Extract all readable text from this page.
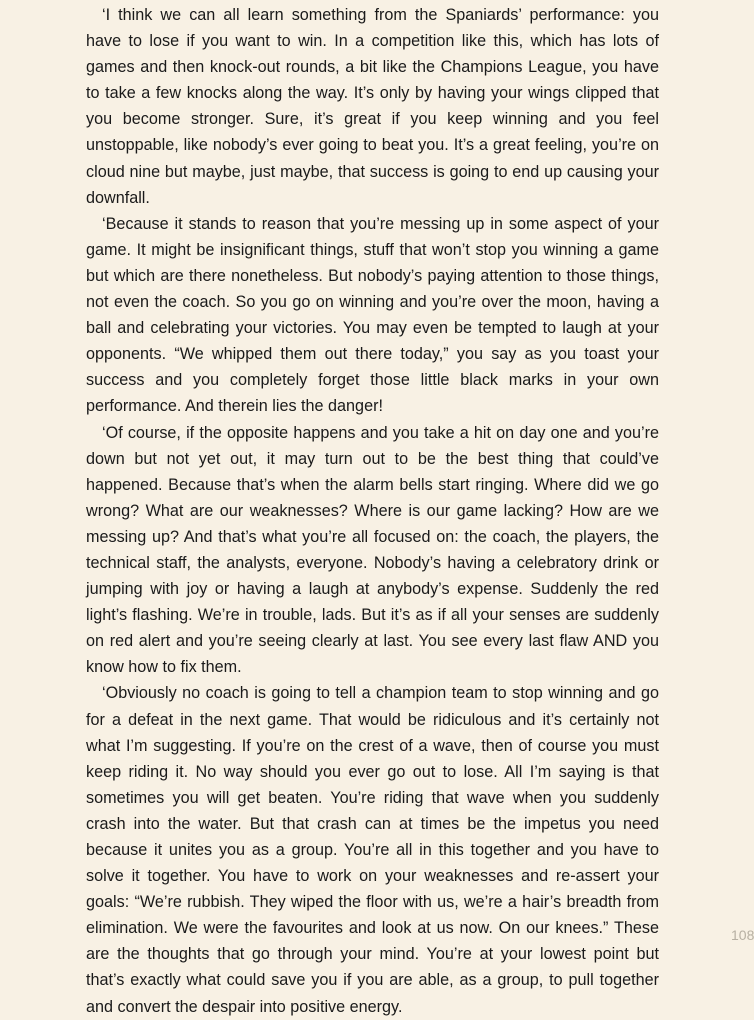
‘I think we can all learn something from the Spaniards’ performance: you have to lose if you want to win. In a competition like this, which has lots of games and then knock-out rounds, a bit like the Champions League, you have to take a few knocks along the way. It’s only by having your wings clipped that you become stronger. Sure, it’s great if you keep winning and you feel unstoppable, like nobody’s ever going to beat you. It’s a great feeling, you’re on cloud nine but maybe, just maybe, that success is going to end up causing your downfall.

‘Because it stands to reason that you’re messing up in some aspect of your game. It might be insignificant things, stuff that won’t stop you winning a game but which are there nonetheless. But nobody’s paying attention to those things, not even the coach. So you go on winning and you’re over the moon, having a ball and celebrating your victories. You may even be tempted to laugh at your opponents. “We whipped them out there today,” you say as you toast your success and you completely forget those little black marks in your own performance. And therein lies the danger!

‘Of course, if the opposite happens and you take a hit on day one and you’re down but not yet out, it may turn out to be the best thing that could’ve happened. Because that’s when the alarm bells start ringing. Where did we go wrong? What are our weaknesses? Where is our game lacking? How are we messing up? And that’s what you’re all focused on: the coach, the players, the technical staff, the analysts, everyone. Nobody’s having a celebratory drink or jumping with joy or having a laugh at anybody’s expense. Suddenly the red light’s flashing. We’re in trouble, lads. But it’s as if all your senses are suddenly on red alert and you’re seeing clearly at last. You see every last flaw AND you know how to fix them.

‘Obviously no coach is going to tell a champion team to stop winning and go for a defeat in the next game. That would be ridiculous and it’s certainly not what I’m suggesting. If you’re on the crest of a wave, then of course you must keep riding it. No way should you ever go out to lose. All I’m saying is that sometimes you will get beaten. You’re riding that wave when you suddenly crash into the water. But that crash can at times be the impetus you need because it unites you as a group. You’re all in this together and you have to solve it together. You have to work on your weaknesses and re-assert your goals: “We’re rubbish. They wiped the floor with us, we’re a hair’s breadth from elimination. We were the favourites and look at us now. On our knees.” These are the thoughts that go through your mind. You’re at your lowest point but that’s exactly what could save you if you are able, as a group, to pull together and convert the despair into positive energy.

108
